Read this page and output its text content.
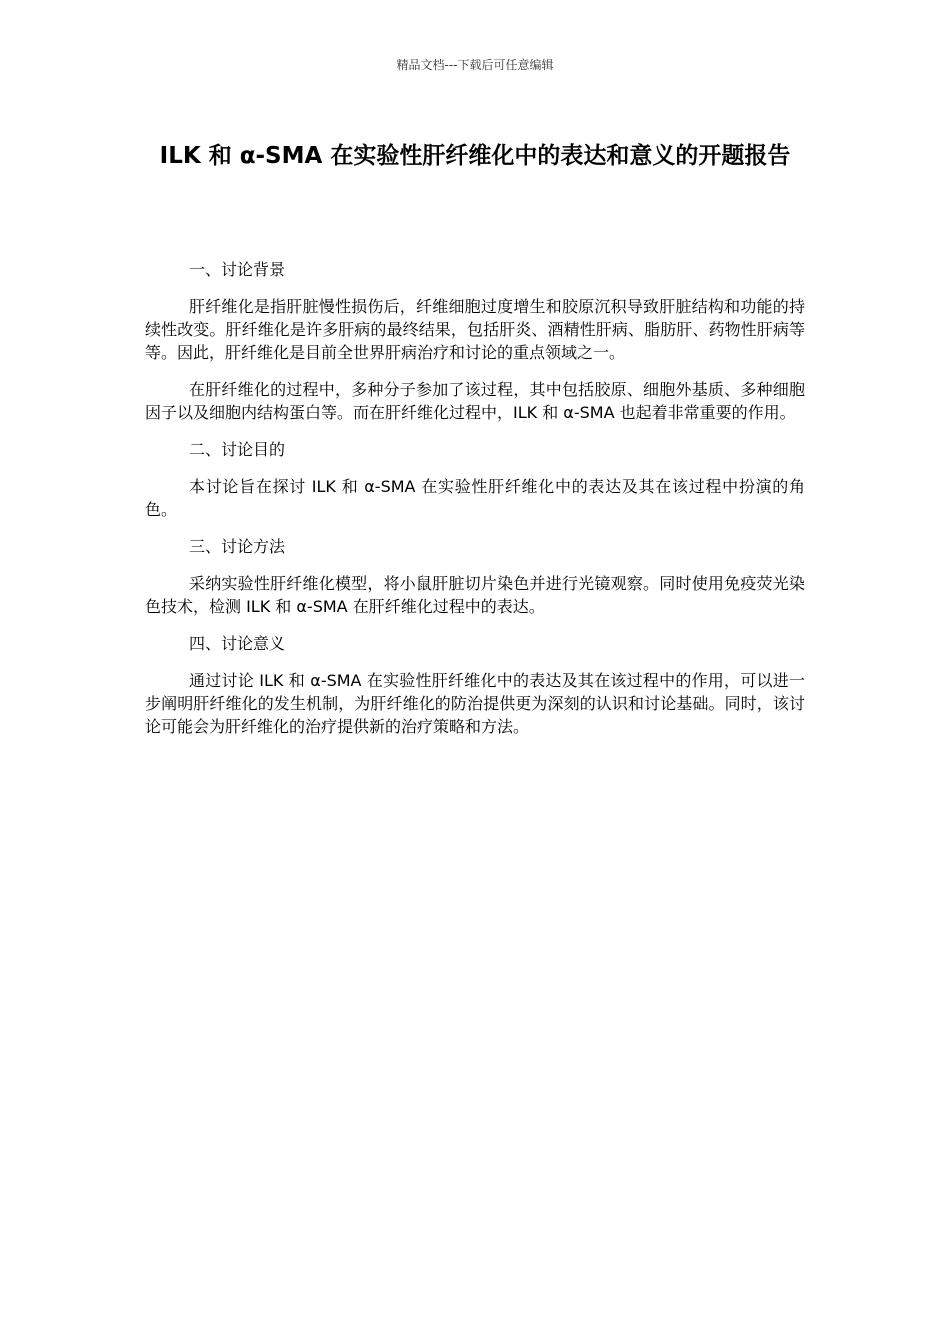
精品文档---下载后可任意编辑
ILK 和 α-SMA 在实验性肝纤维化中的表达和意义的开题报告

一、讨论背景

肝纤维化是指肝脏慢性损伤后，纤维细胞过度增生和胶原沉积导致肝脏结构和功能的持续性改变。肝纤维化是许多肝病的最终结果，包括肝炎、酒精性肝病、脂肪肝、药物性肝病等等。因此，肝纤维化是目前全世界肝病治疗和讨论的重点领域之一。

在肝纤维化的过程中，多种分子参加了该过程，其中包括胶原、细胞外基质、多种细胞因子以及细胞内结构蛋白等。而在肝纤维化过程中，ILK 和 α-SMA 也起着非常重要的作用。

二、讨论目的

本讨论旨在探讨 ILK 和 α-SMA 在实验性肝纤维化中的表达及其在该过程中扮演的角色。

三、讨论方法

采纳实验性肝纤维化模型，将小鼠肝脏切片染色并进行光镜观察。同时使用免疫荧光染色技术，检测 ILK 和 α-SMA 在肝纤维化过程中的表达。

四、讨论意义

通过讨论 ILK 和 α-SMA 在实验性肝纤维化中的表达及其在该过程中的作用，可以进一步阐明肝纤维化的发生机制，为肝纤维化的防治提供更为深刻的认识和讨论基础。同时，该讨论可能会为肝纤维化的治疗提供新的治疗策略和方法。
